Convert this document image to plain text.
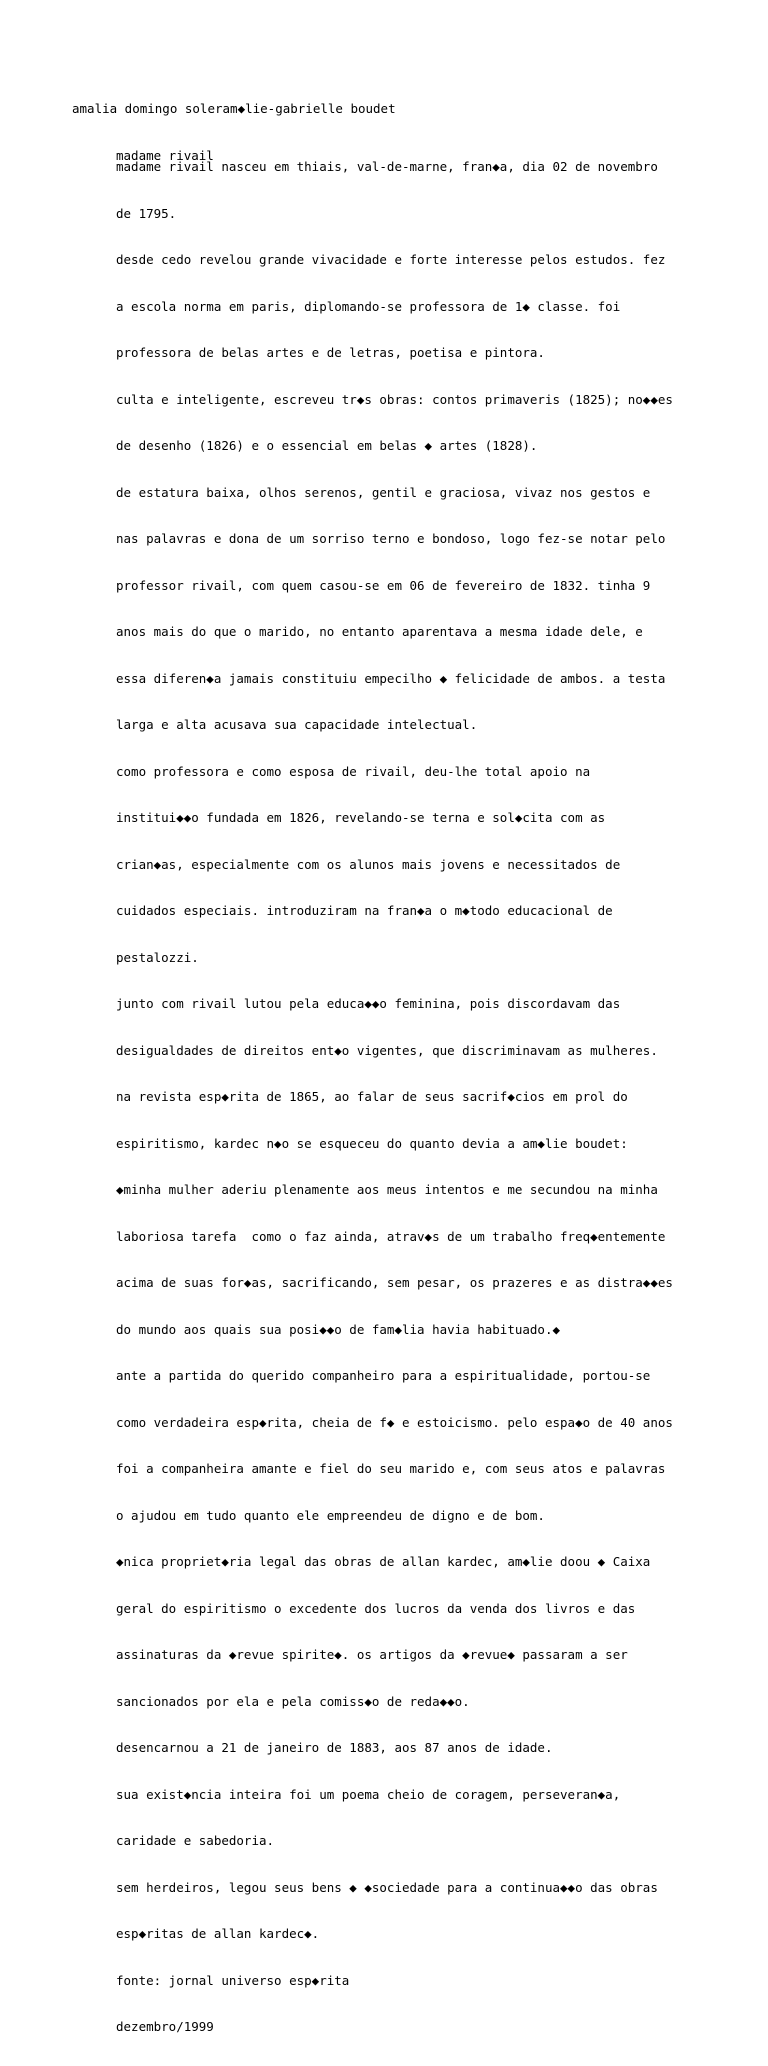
amalia domingo soleram◆lie-gabrielle boudet

madame rivail

madame rivail nasceu em thiais, val-de-marne, fran◆a, dia 02 de novembro

de 1795.

desde cedo revelou grande vivacidade e forte interesse pelos estudos. fez

a escola norma em paris, diplomando-se professora de 1◆ classe. foi

professora de belas artes e de letras, poetisa e pintora.

culta e inteligente, escreveu tr◆s obras: contos primaveris (1825); no◆◆es

de desenho (1826) e o essencial em belas ◆ artes (1828).

de estatura baixa, olhos serenos, gentil e graciosa, vivaz nos gestos e

nas palavras e dona de um sorriso terno e bondoso, logo fez-se notar pelo

professor rivail, com quem casou-se em 06 de fevereiro de 1832. tinha 9

anos mais do que o marido, no entanto aparentava a mesma idade dele, e

essa diferen◆a jamais constituiu empecilho ◆ felicidade de ambos. a testa

larga e alta acusava sua capacidade intelectual.

como professora e como esposa de rivail, deu-lhe total apoio na

institui◆◆o fundada em 1826, revelando-se terna e sol◆cita com as

crian◆as, especialmente com os alunos mais jovens e necessitados de

cuidados especiais. introduziram na fran◆a o m◆todo educacional de

pestalozzi.

junto com rivail lutou pela educa◆◆o feminina, pois discordavam das

desigualdades de direitos ent◆o vigentes, que discriminavam as mulheres.

na revista esp◆rita de 1865, ao falar de seus sacrif◆cios em prol do

espiritismo, kardec n◆o se esqueceu do quanto devia a am◆lie boudet:

◆minha mulher aderiu plenamente aos meus intentos e me secundou na minha

laboriosa tarefa  como o faz ainda, atrav◆s de um trabalho freq◆entemente

acima de suas for◆as, sacrificando, sem pesar, os prazeres e as distra◆◆es

do mundo aos quais sua posi◆◆o de fam◆lia havia habituado.◆

ante a partida do querido companheiro para a espiritualidade, portou-se

como verdadeira esp◆rita, cheia de f◆ e estoicismo. pelo espa◆o de 40 anos

foi a companheira amante e fiel do seu marido e, com seus atos e palavras

o ajudou em tudo quanto ele empreendeu de digno e de bom.

◆nica propriet◆ria legal das obras de allan kardec, am◆lie doou ◆ Caixa

geral do espiritismo o excedente dos lucros da venda dos livros e das

assinaturas da ◆revue spirite◆. os artigos da ◆revue◆ passaram a ser

sancionados por ela e pela comiss◆o de reda◆◆o.

desencarnou a 21 de janeiro de 1883, aos 87 anos de idade.

sua exist◆ncia inteira foi um poema cheio de coragem, perseveran◆a,

caridade e sabedoria.

sem herdeiros, legou seus bens ◆ ◆sociedade para a continua◆◆o das obras

esp◆ritas de allan kardec◆.

fonte: jornal universo esp◆rita

dezembro/1999
